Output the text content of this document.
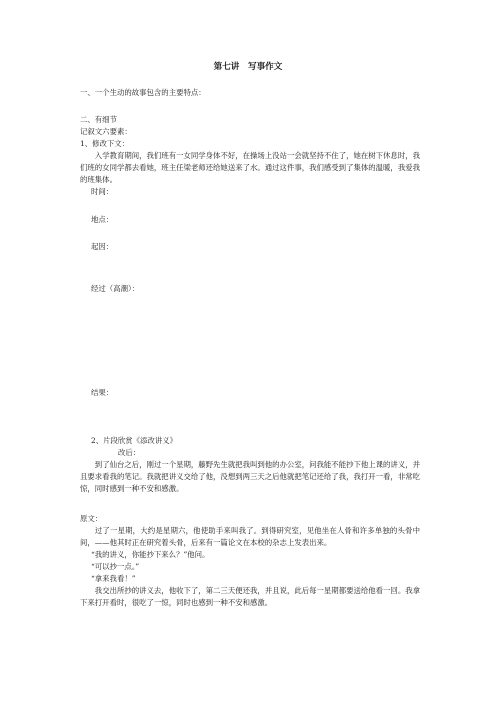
第七讲　写事作文
一、一个生动的故事包含的主要特点：
二、有细节
记叙文六要素：
1、修改下文：
入学教育期间，我们班有一女同学身体不好，在操场上没站一会就坚持不住了，她在树下休息时，我们班的女同学都去看她，班主任梁老师还给她送来了水。通过这件事，我们感受到了集体的温暖，我爱我的班集体。
时间：
地点：
起因：
经过（高潮）：
结果：
2、片段欣赏《添改讲义》
改后：
到了仙台之后，刚过一个星期，藤野先生就把我叫到他的办公室，问我能不能抄下他上课的讲义，并且要求看我的笔记。我就把讲义交给了他，没想到两三天之后他就把笔记还给了我，我打开一看，非常吃惊，同时感到一种不安和感激。
原文：
过了一星期，大约是星期六，他使助手来叫我了。到得研究室，见他坐在人骨和许多单独的头骨中间，——他其时正在研究着头骨，后来有一篇论文在本校的杂志上发表出来。
“我的讲义，你能抄下来么？”他问。
“可以抄一点。”
“拿来我看！”
我交出所抄的讲义去，他收下了，第二三天便还我，并且说，此后每一星期都要送给他看一回。我拿下来打开看时，很吃了一惊，同时也感到一种不安和感激。
